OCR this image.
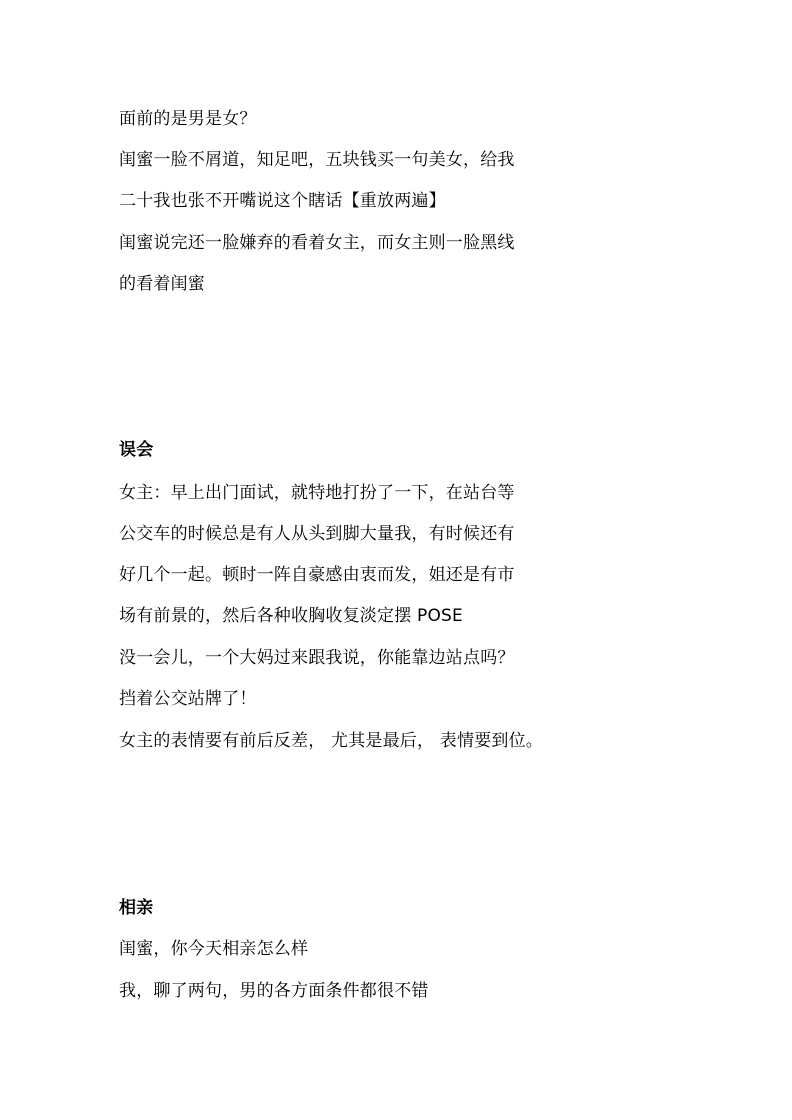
面前的是男是女？
闺蜜一脸不屑道，知足吧，五块钱买一句美女，给我
二十我也张不开嘴说这个瞎话【重放两遍】
闺蜜说完还一脸嫌弃的看着女主，而女主则一脸黑线
的看着闺蜜
误会
女主：早上出门面试，就特地打扮了一下，在站台等
公交车的时候总是有人从头到脚大量我，有时候还有
好几个一起。顿时一阵自豪感由衷而发，姐还是有市
场有前景的，然后各种收胸收复淡定摆 POSE
没一会儿，一个大妈过来跟我说，你能靠边站点吗？
挡着公交站牌了！
女主的表情要有前后反差， 尤其是最后， 表情要到位。
相亲
闺蜜，你今天相亲怎么样
我，聊了两句，男的各方面条件都很不错
